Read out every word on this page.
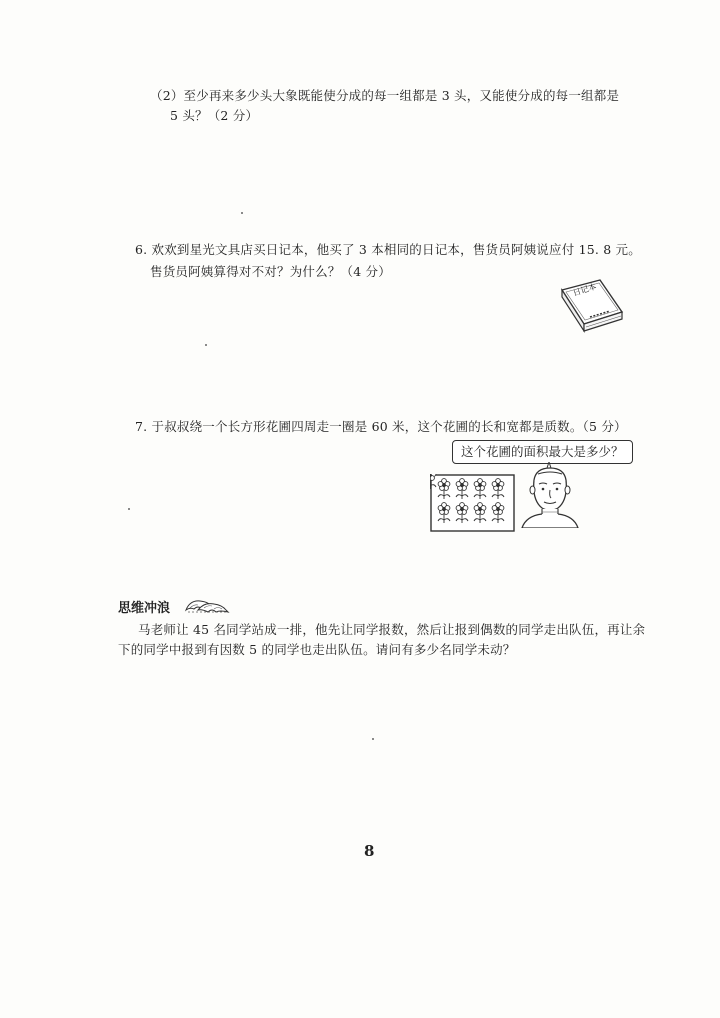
（2）至少再来多少头大象既能使分成的每一组都是 3 头，又能使分成的每一组都是
5 头？（2 分）
6. 欢欢到星光文具店买日记本，他买了 3 本相同的日记本，售货员阿姨说应付 15. 8 元。
售货员阿姨算得对不对？为什么？（4 分）
日记本
7. 于叔叔绕一个长方形花圃四周走一圈是 60 米，这个花圃的长和宽都是质数。（5 分）
这个花圃的面积最大是多少？
思维冲浪
马老师让 45 名同学站成一排，他先让同学报数，然后让报到偶数的同学走出队伍，再让余
下的同学中报到有因数 5 的同学也走出队伍。请问有多少名同学未动？
8
